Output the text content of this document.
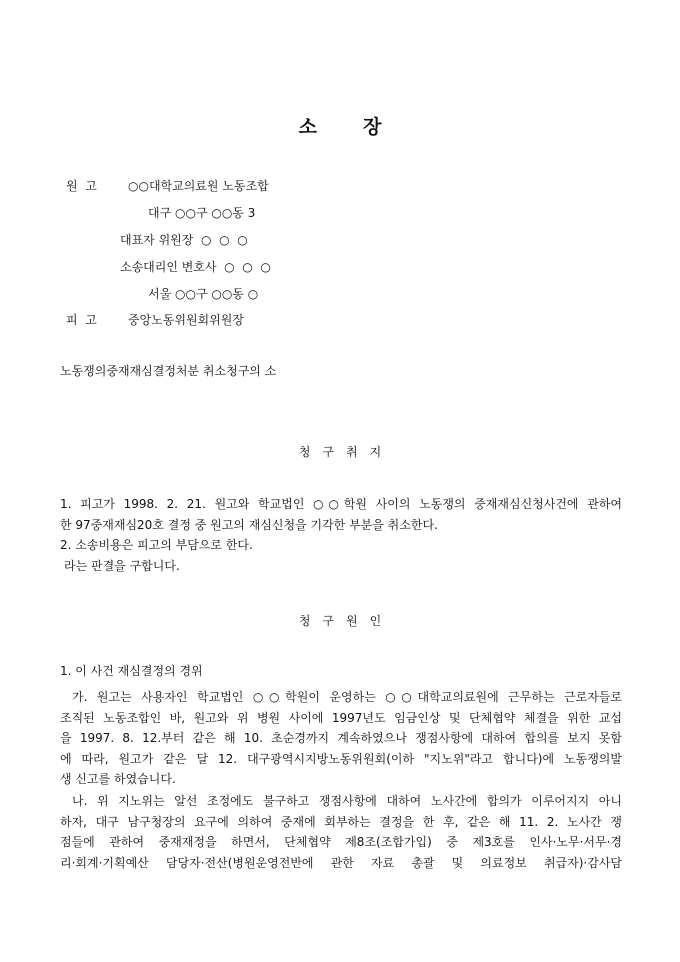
소 장
원  고	○○대학교의료원 노동조합
대구 ○○구 ○○동 3
대표자 위원장  ○  ○  ○
소송대리인 변호사  ○  ○  ○
서울 ○○구 ○○동 ○
피  고	중앙노동위원회위원장
노동쟁의중재재심결정처분 취소청구의 소
청 구 취 지

1. 피고가 1998. 2. 21. 원고와 학교법인 ○○학원 사이의 노동쟁의 중재재심신청사건에 관하여

한 97중재재심20호 결정 중 원고의 재심신청을 기각한 부분을 취소한다.

2. 소송비용은 피고의 부담으로 한다.

라는 판결을 구합니다.

청 구 원 인
1. 이 사건 재심결정의 경위

가. 원고는 사용자인 학교법인 ○○학원이 운영하는 ○○대학교의료원에 근무하는 근로자들로

조직된 노동조합인 바, 원고와 위 병원 사이에 1997년도 임금인상 및 단체협약 체결을 위한 교섭

을 1997. 8. 12.부터 같은 해 10. 초순경까지 계속하였으나 쟁점사항에 대하여 합의를 보지 못함

에 따라, 원고가 같은 달 12. 대구광역시지방노동위원회(이하 "지노위"라고 합니다)에 노동쟁의발

생 신고를 하였습니다.

나. 위 지노위는 알선 조정에도 불구하고 쟁점사항에 대하여 노사간에 합의가 이루어지지 아니

하자, 대구 남구청장의 요구에 의하여 중재에 회부하는 결정을 한 후, 같은 해 11. 2. 노사간 쟁

점들에 관하여 중재재정을 하면서, 단체협약 제8조(조합가입) 중 제3호를 인사·노무·서무·경

리·회계·기획예산 담당자·전산(병원운영전반에 관한 자료 총괄 및 의료정보 취급자)·감사담
